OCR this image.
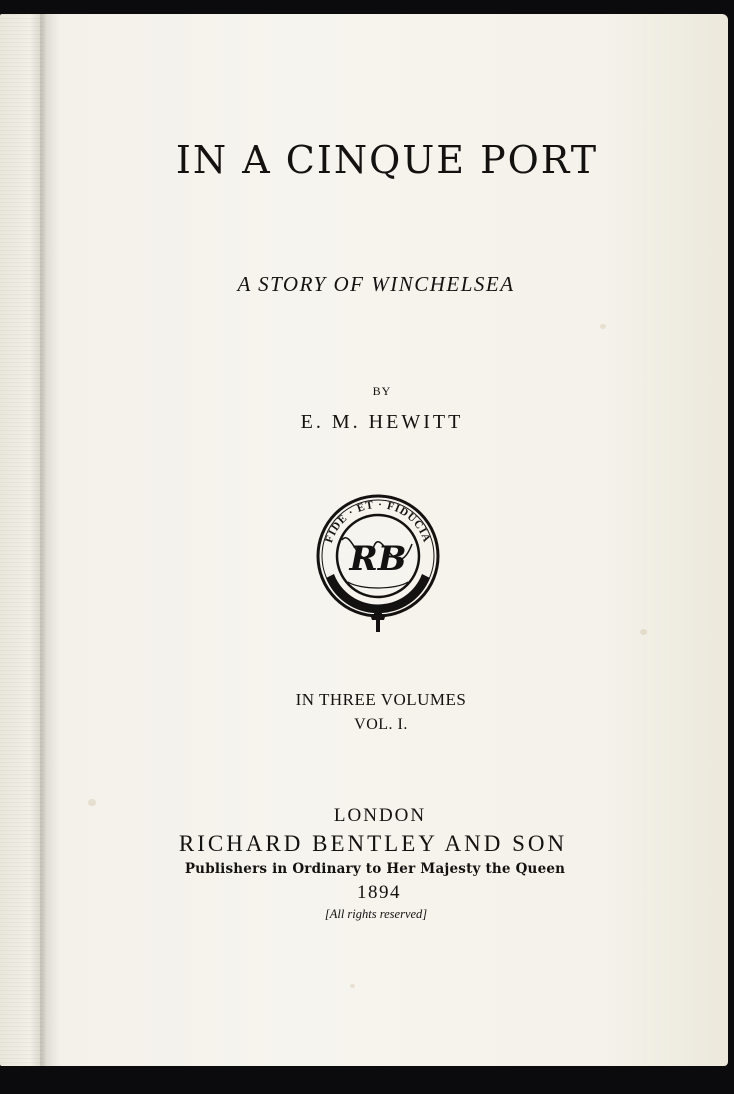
IN A CINQUE PORT
A STORY OF WINCHELSEA
BY
E. M. HEWITT
FIDE · ET · FIDUCIA
RB
IN THREE VOLUMES
VOL. I.
LONDON
RICHARD BENTLEY AND SON
Publishers in Ordinary to Her Majesty the Queen
1894
[All rights reserved]
